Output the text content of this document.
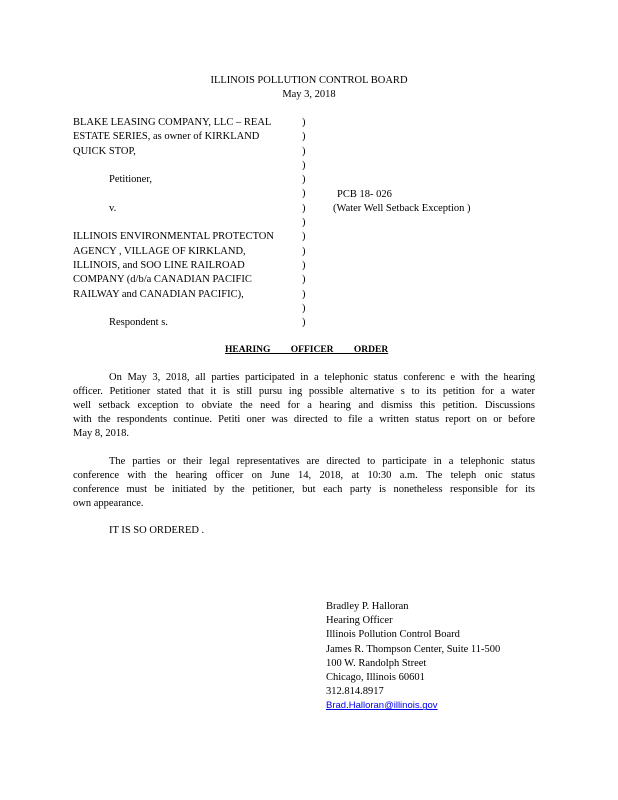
ILLINOIS POLLUTION CONTROL BOARD
May 3, 2018
BLAKE LEASING COMPANY, LLC – REAL
ESTATE SERIES, as owner of KIRKLAND
QUICK STOP,

Petitioner,

v.

ILLINOIS ENVIRONMENTAL PROTECTON
AGENCY , VILLAGE OF KIRKLAND,
ILLINOIS, and SOO LINE RAILROAD
COMPANY (d/b/a CANADIAN PACIFIC
RAILWAY and CANADIAN PACIFIC),

Respondent s.
)
)
)
)
)
)
)
)
)
)
)
)
)
)
)
PCB 18- 026
(Water Well Setback Exception )
HEARING OFFICER ORDER
On May 3, 2018, all parties participated in a telephonic status conferenc e with the hearing
officer. Petitioner stated that it is still pursu ing possible alternative s to its petition for a water
well setback exception to obviate the need for a hearing and dismiss this petition. Discussions
with the respondents continue. Petiti oner was directed to file a written status report on or before
May 8, 2018.
The parties or their legal representatives are directed to participate in a telephonic status
conference with the hearing officer on June 14, 2018, at 10:30 a.m. The teleph onic status
conference must be initiated by the petitioner, but each party is nonetheless responsible for its
own appearance.
IT IS SO ORDERED .
Bradley P. Halloran
Hearing Officer
Illinois Pollution Control Board
James R. Thompson Center, Suite 11-500
100 W. Randolph Street
Chicago, Illinois 60601
312.814.8917
Brad.Halloran@illinois.gov
